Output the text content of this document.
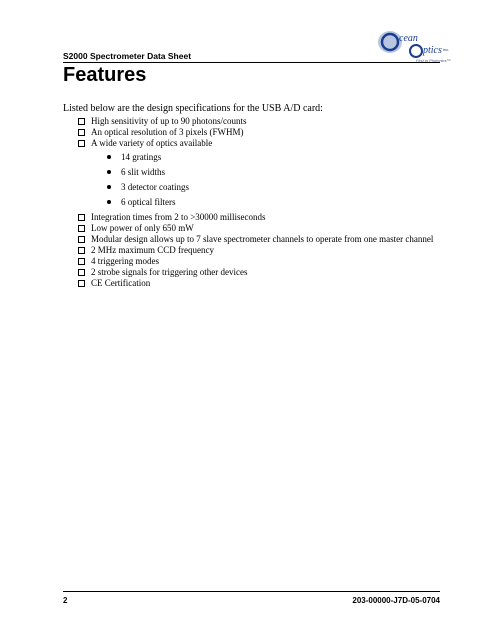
S2000 Spectrometer Data Sheet
cean
ptics inc.
First in Photonics™
Features
Listed below are the design specifications for the USB A/D card:
High sensitivity of up to 90 photons/counts
An optical resolution of 3 pixels (FWHM)
A wide variety of optics available
14 gratings
6 slit widths
3 detector coatings
6 optical filters
Integration times from 2 to >30000 milliseconds
Low power of only 650 mW
Modular design allows up to 7 slave spectrometer channels to operate from one master channel
2 MHz maximum CCD frequency
4 triggering modes
2 strobe signals for triggering other devices
CE Certification
2	203-00000-J7D-05-0704
